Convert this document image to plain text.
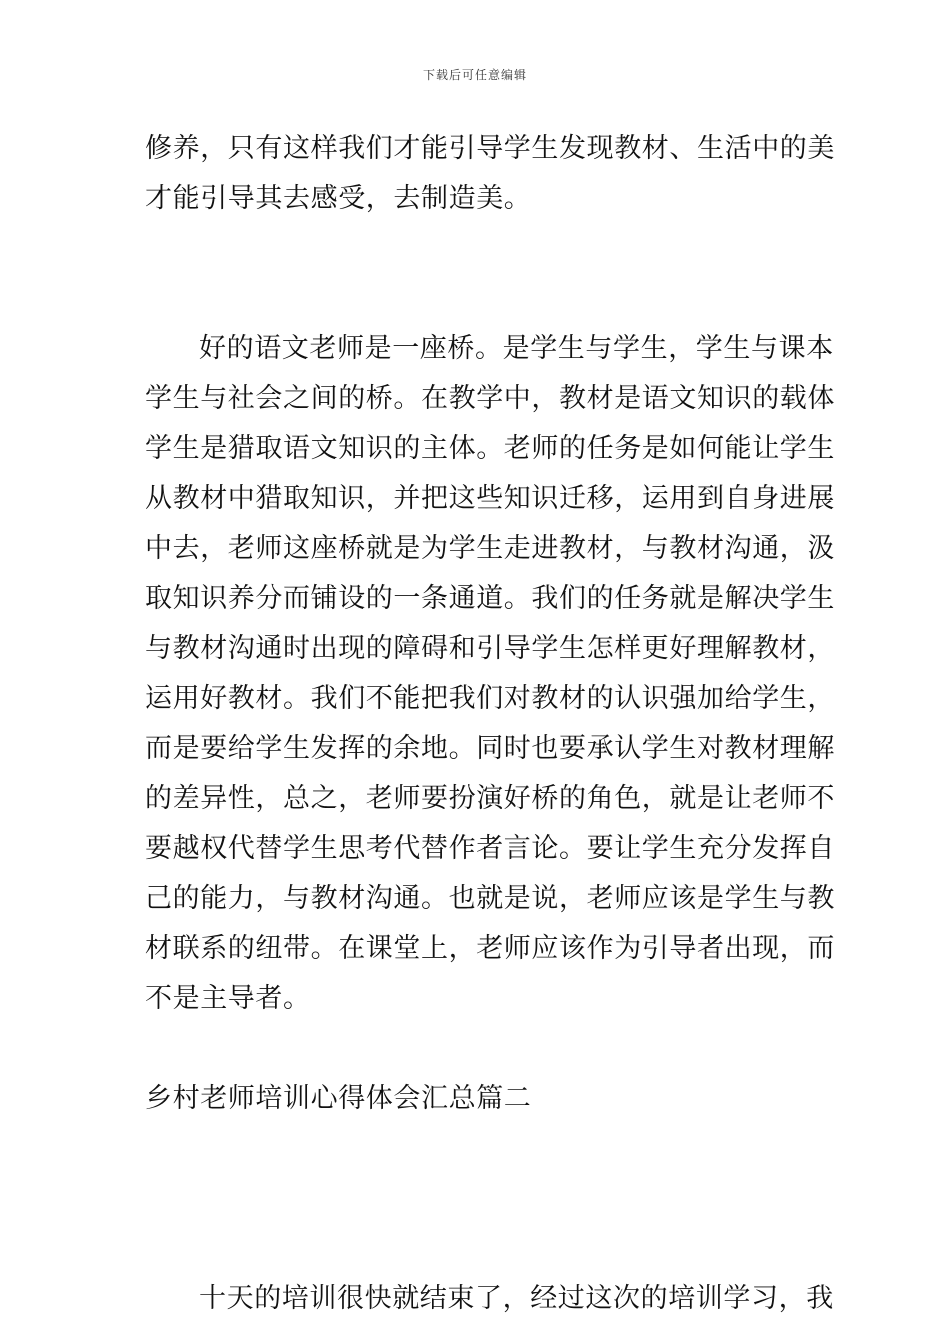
下载后可任意编辑
修养，只有这样我们才能引导学生发现教材、生活中的美
才能引导其去感受，去制造美。
好的语文老师是一座桥。是学生与学生，学生与课本
学生与社会之间的桥。在教学中，教材是语文知识的载体
学生是猎取语文知识的主体。老师的任务是如何能让学生
从教材中猎取知识，并把这些知识迁移，运用到自身进展
中去，老师这座桥就是为学生走进教材，与教材沟通，汲
取知识养分而铺设的一条通道。我们的任务就是解决学生
与教材沟通时出现的障碍和引导学生怎样更好理解教材，
运用好教材。我们不能把我们对教材的认识强加给学生，
而是要给学生发挥的余地。同时也要承认学生对教材理解
的差异性，总之，老师要扮演好桥的角色，就是让老师不
要越权代替学生思考代替作者言论。要让学生充分发挥自
己的能力，与教材沟通。也就是说，老师应该是学生与教
材联系的纽带。在课堂上，老师应该作为引导者出现，而
不是主导者。
乡村老师培训心得体会汇总篇二
十天的培训很快就结束了，经过这次的培训学习，我
